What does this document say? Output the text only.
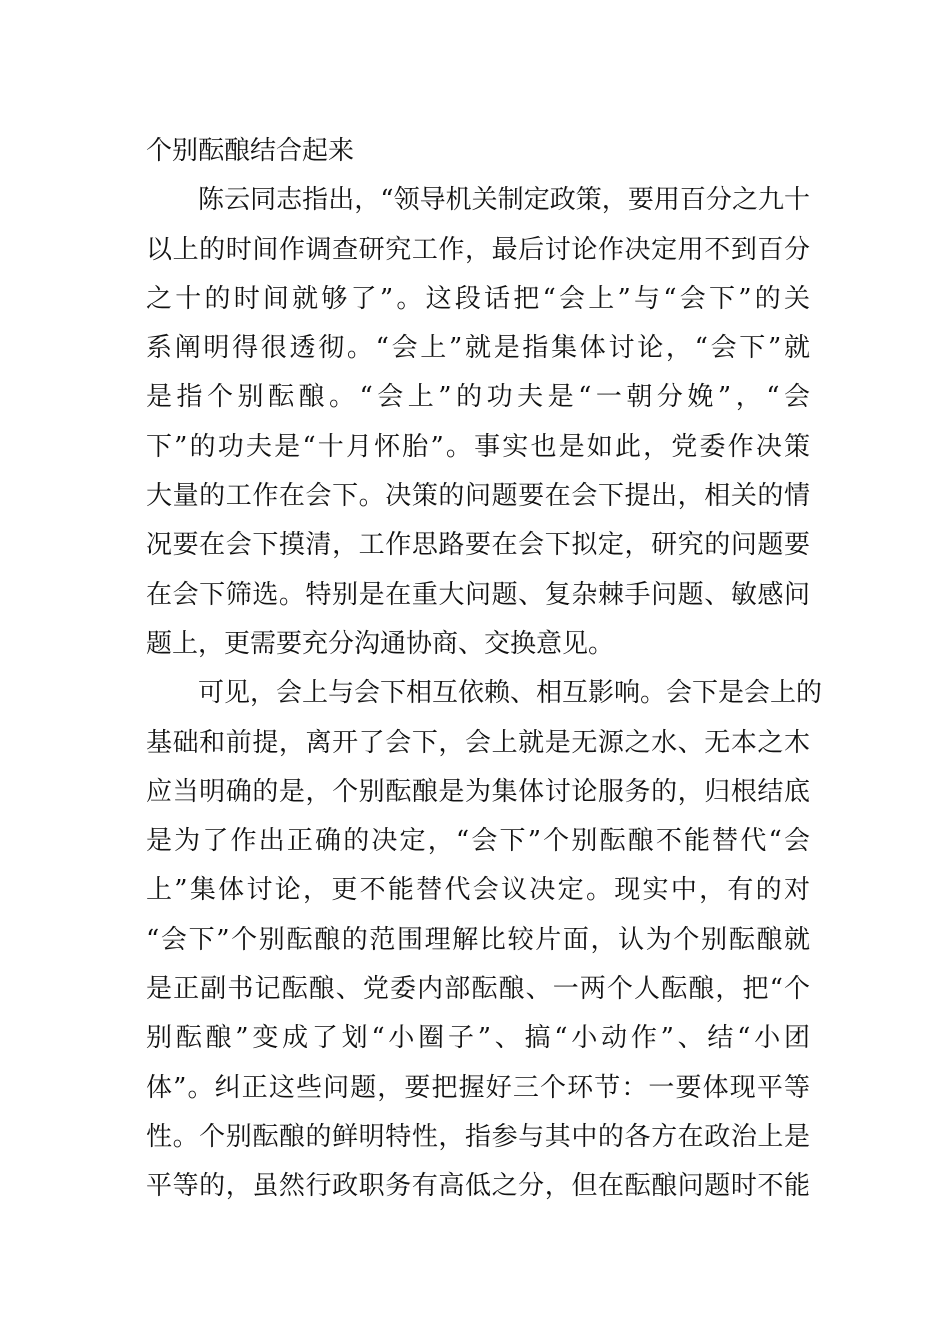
个别酝酿结合起来
　　陈云同志指出，“领导机关制定政策，要用百分之九十
以上的时间作调查研究工作，最后讨论作决定用不到百分
之十的时间就够了”。这段话把“会上”与“会下”的关
系阐明得很透彻。“会上”就是指集体讨论，“会下”就
是指个别酝酿。“会上”的功夫是“一朝分娩”，“会
下”的功夫是“十月怀胎”。事实也是如此，党委作决策
大量的工作在会下。决策的问题要在会下提出，相关的情
况要在会下摸清，工作思路要在会下拟定，研究的问题要
在会下筛选。特别是在重大问题、复杂棘手问题、敏感问
题上，更需要充分沟通协商、交换意见。
　　可见，会上与会下相互依赖、相互影响。会下是会上的
基础和前提，离开了会下，会上就是无源之水、无本之木
应当明确的是，个别酝酿是为集体讨论服务的，归根结底
是为了作出正确的决定，“会下”个别酝酿不能替代“会
上”集体讨论，更不能替代会议决定。现实中，有的对
“会下”个别酝酿的范围理解比较片面，认为个别酝酿就
是正副书记酝酿、党委内部酝酿、一两个人酝酿，把“个
别酝酿”变成了划“小圈子”、搞“小动作”、结“小团
体”。纠正这些问题，要把握好三个环节：一要体现平等
性。个别酝酿的鲜明特性，指参与其中的各方在政治上是
平等的，虽然行政职务有高低之分，但在酝酿问题时不能
